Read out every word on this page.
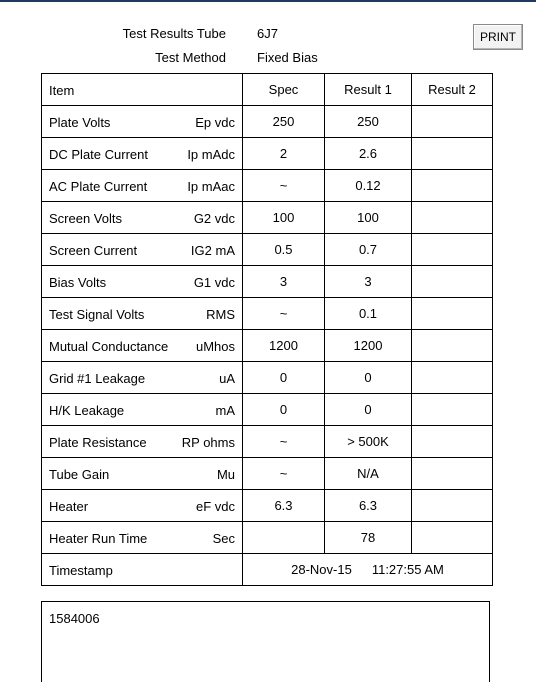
Test Results Tube 6J7
Test Method Fixed Bias
PRINT
Item	Spec	Result 1	Result 2

Plate Volts Ep vdc	250	250	

DC Plate Current Ip mAdc	2	2.6	

AC Plate Current Ip mAac	~	0.12	

Screen Volts G2 vdc	100	100	

Screen Current IG2 mA	0.5	0.7	

Bias Volts G1 vdc	3	3	

Test Signal Volts RMS	~	0.1	

Mutual Conductance uMhos	1200	1200	

Grid #1 Leakage uA	0	0	

H/K Leakage mA	0	0	

Plate Resistance RP ohms	~	> 500K	

Tube Gain Mu	~	N/A	

Heater eF vdc	6.3	6.3	

Heater Run Time Sec		78	

Timestamp	28-Nov-15 11:27:55 AM		
1584006
